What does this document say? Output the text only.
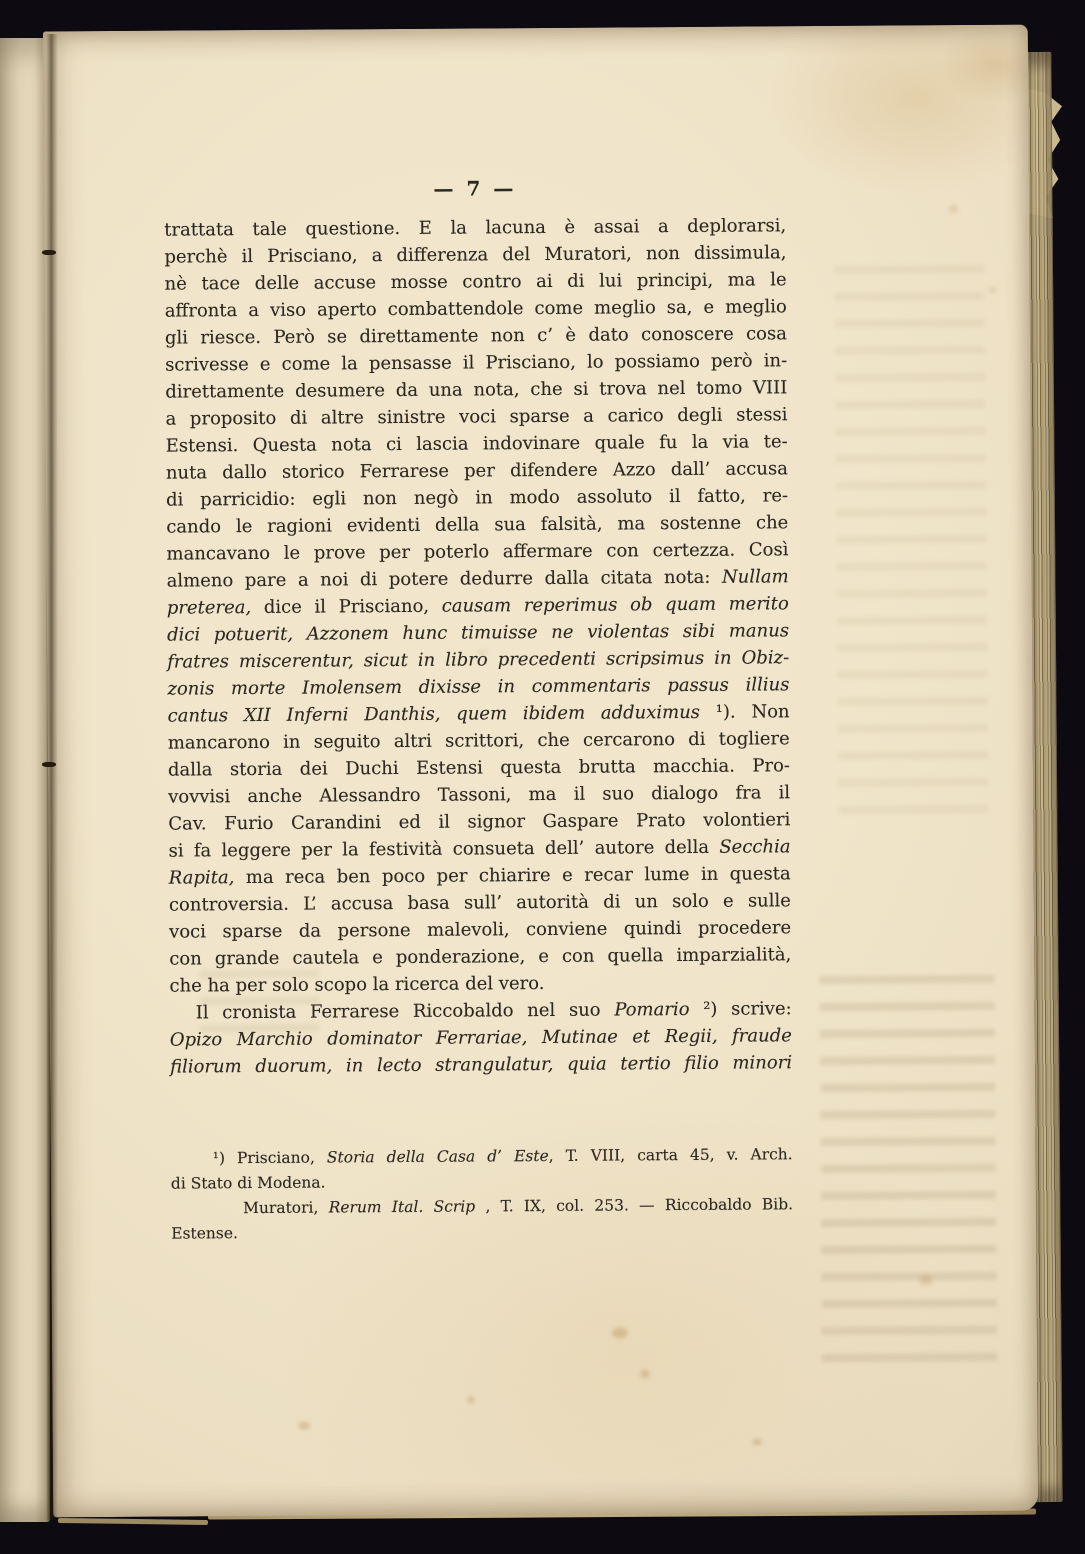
— 7 —
trattata tale questione. E la lacuna è assai a deplorarsi,
perchè il Prisciano, a differenza del Muratori, non dissimula,
nè tace delle accuse mosse contro ai di lui principi, ma le
affronta a viso aperto combattendole come meglio sa, e meglio
gli riesce. Però se direttamente non c’ è dato conoscere cosa
scrivesse e come la pensasse il Prisciano, lo possiamo però in-
direttamente desumere da una nota, che si trova nel tomo VIII
a proposito di altre sinistre voci sparse a carico degli stessi
Estensi. Questa nota ci lascia indovinare quale fu la via te-
nuta dallo storico Ferrarese per difendere Azzo dall’ accusa
di parricidio: egli non negò in modo assoluto il fatto, re-
cando le ragioni evidenti della sua falsità, ma sostenne che
mancavano le prove per poterlo affermare con certezza. Così
almeno pare a noi di potere dedurre dalla citata nota: Nullam
preterea, dice il Prisciano, causam reperimus ob quam merito
dici potuerit, Azzonem hunc timuisse ne violentas sibi manus
fratres miscerentur, sicut in libro precedenti scripsimus in Obiz-
zonis morte Imolensem dixisse in commentaris passus illius
cantus XII Inferni Danthis, quem ibidem adduximus ¹). Non
mancarono in seguito altri scrittori, che cercarono di togliere
dalla storia dei Duchi Estensi questa brutta macchia. Pro-
vovvisi anche Alessandro Tassoni, ma il suo dialogo fra il
Cav. Furio Carandini ed il signor Gaspare Prato volontieri
si fa leggere per la festività consueta dell’ autore della Secchia
Rapita, ma reca ben poco per chiarire e recar lume in questa
controversia. L’ accusa basa sull’ autorità di un solo e sulle
voci sparse da persone malevoli, conviene quindi procedere
con grande cautela e ponderazione, e con quella imparzialità,
che ha per solo scopo la ricerca del vero.
Il cronista Ferrarese Riccobaldo nel suo Pomario ²) scrive:
Opizo Marchio dominator Ferrariae, Mutinae et Regii, fraude
filiorum duorum, in lecto strangulatur, quia tertio filio minori
¹) Prisciano, Storia della Casa d’ Este, T. VIII, carta 45, v. Arch.
di Stato di Modena.
Muratori, Rerum Ital. Scrip , T. IX, col. 253. — Riccobaldo Bib.
Estense.
